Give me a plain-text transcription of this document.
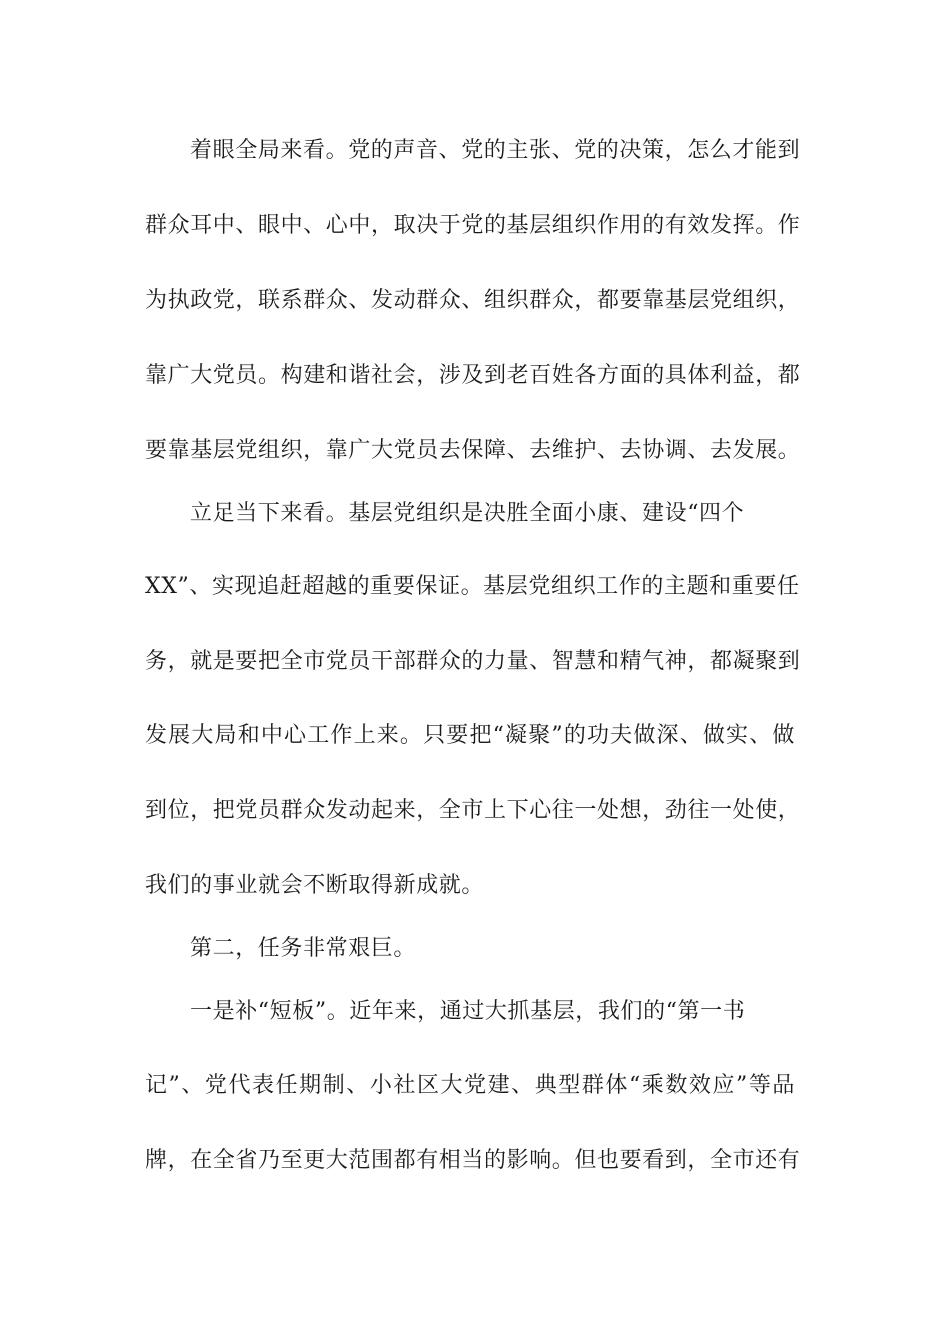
着眼全局来看。党的声音、党的主张、党的决策，怎么才能到

群众耳中、眼中、心中，取决于党的基层组织作用的有效发挥。作

为执政党，联系群众、发动群众、组织群众，都要靠基层党组织，

靠广大党员。构建和谐社会，涉及到老百姓各方面的具体利益，都

要靠基层党组织，靠广大党员去保障、去维护、去协调、去发展。

立足当下来看。基层党组织是决胜全面小康、建设“四个

XX”、实现追赶超越的重要保证。基层党组织工作的主题和重要任

务，就是要把全市党员干部群众的力量、智慧和精气神，都凝聚到

发展大局和中心工作上来。只要把“凝聚”的功夫做深、做实、做

到位，把党员群众发动起来，全市上下心往一处想，劲往一处使，

我们的事业就会不断取得新成就。

第二，任务非常艰巨。

一是补“短板”。近年来，通过大抓基层，我们的“第一书

记”、党代表任期制、小社区大党建、典型群体“乘数效应”等品

牌，在全省乃至更大范围都有相当的影响。但也要看到，全市还有
